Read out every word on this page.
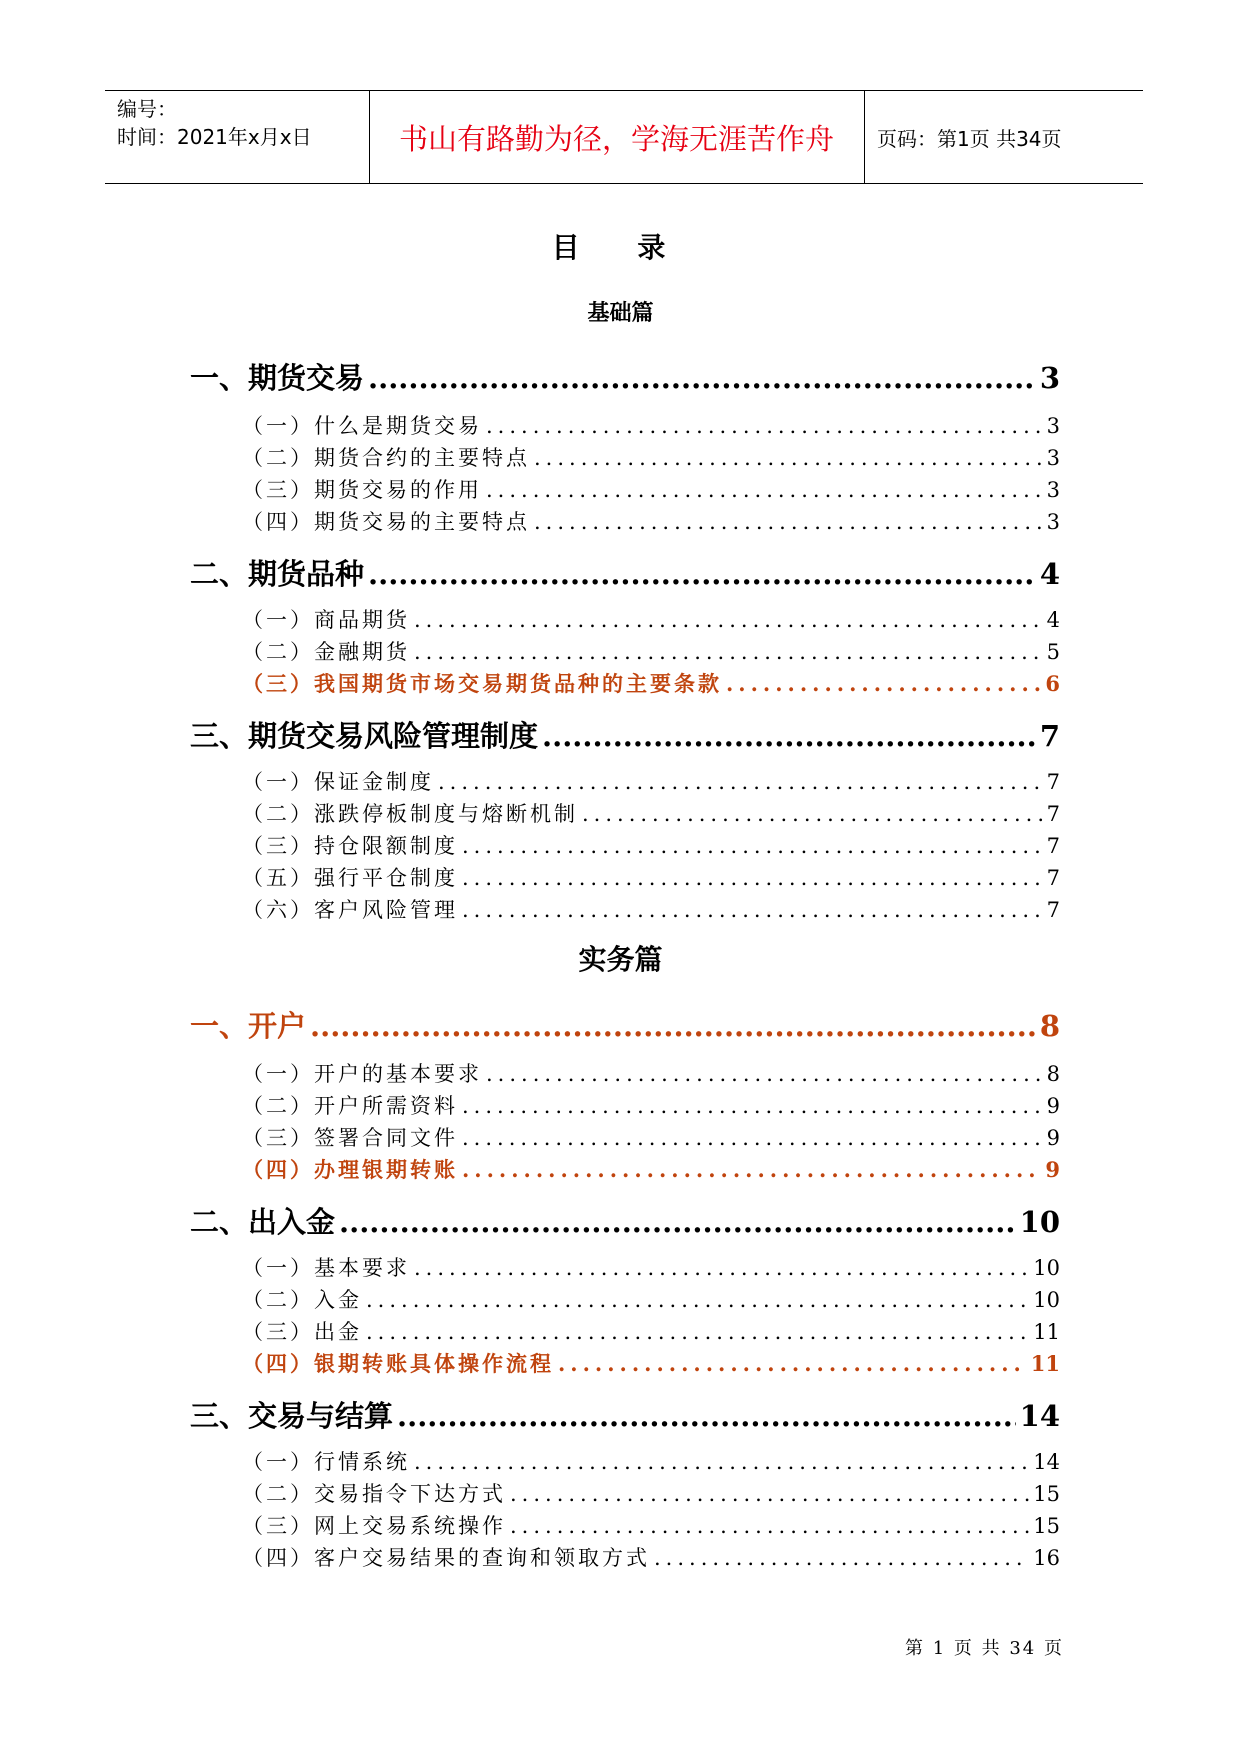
编号：
时间：2021年x月x日	书山有路勤为径，学海无涯苦作舟 页码：第1页 共34页
目 录
基础篇
一、期货交易 .....	3
（一）什么是期货交易 .....	3
（二）期货合约的主要特点 .....	3
（三）期货交易的作用 .....	3
（四）期货交易的主要特点 .....	3
二、期货品种 .....	4
（一）商品期货 .....	4
（二）金融期货 .....	5
（三）我国期货市场交易期货品种的主要条款 .....	6
三、期货交易风险管理制度 .....	7
（一）保证金制度 .....	7
（二）涨跌停板制度与熔断机制 .....	7
（三）持仓限额制度 .....	7
（五）强行平仓制度 .....	7
（六）客户风险管理 .....	7
实务篇
一、开户 .....	8
（一）开户的基本要求 .....	8
（二）开户所需资料 .....	9
（三）签署合同文件 .....	9
（四）办理银期转账 .....	9
二、出入金 .....	10
（一）基本要求 .....	10
（二）入金 .....	10
（三）出金 .....	11
（四）银期转账具体操作流程 .....	11
三、交易与结算 .....	14
（一）行情系统 .....	14
（二）交易指令下达方式 .....	15
（三）网上交易系统操作 .....	15
（四）客户交易结果的查询和领取方式 .....	16
第 1 页 共 34 页
